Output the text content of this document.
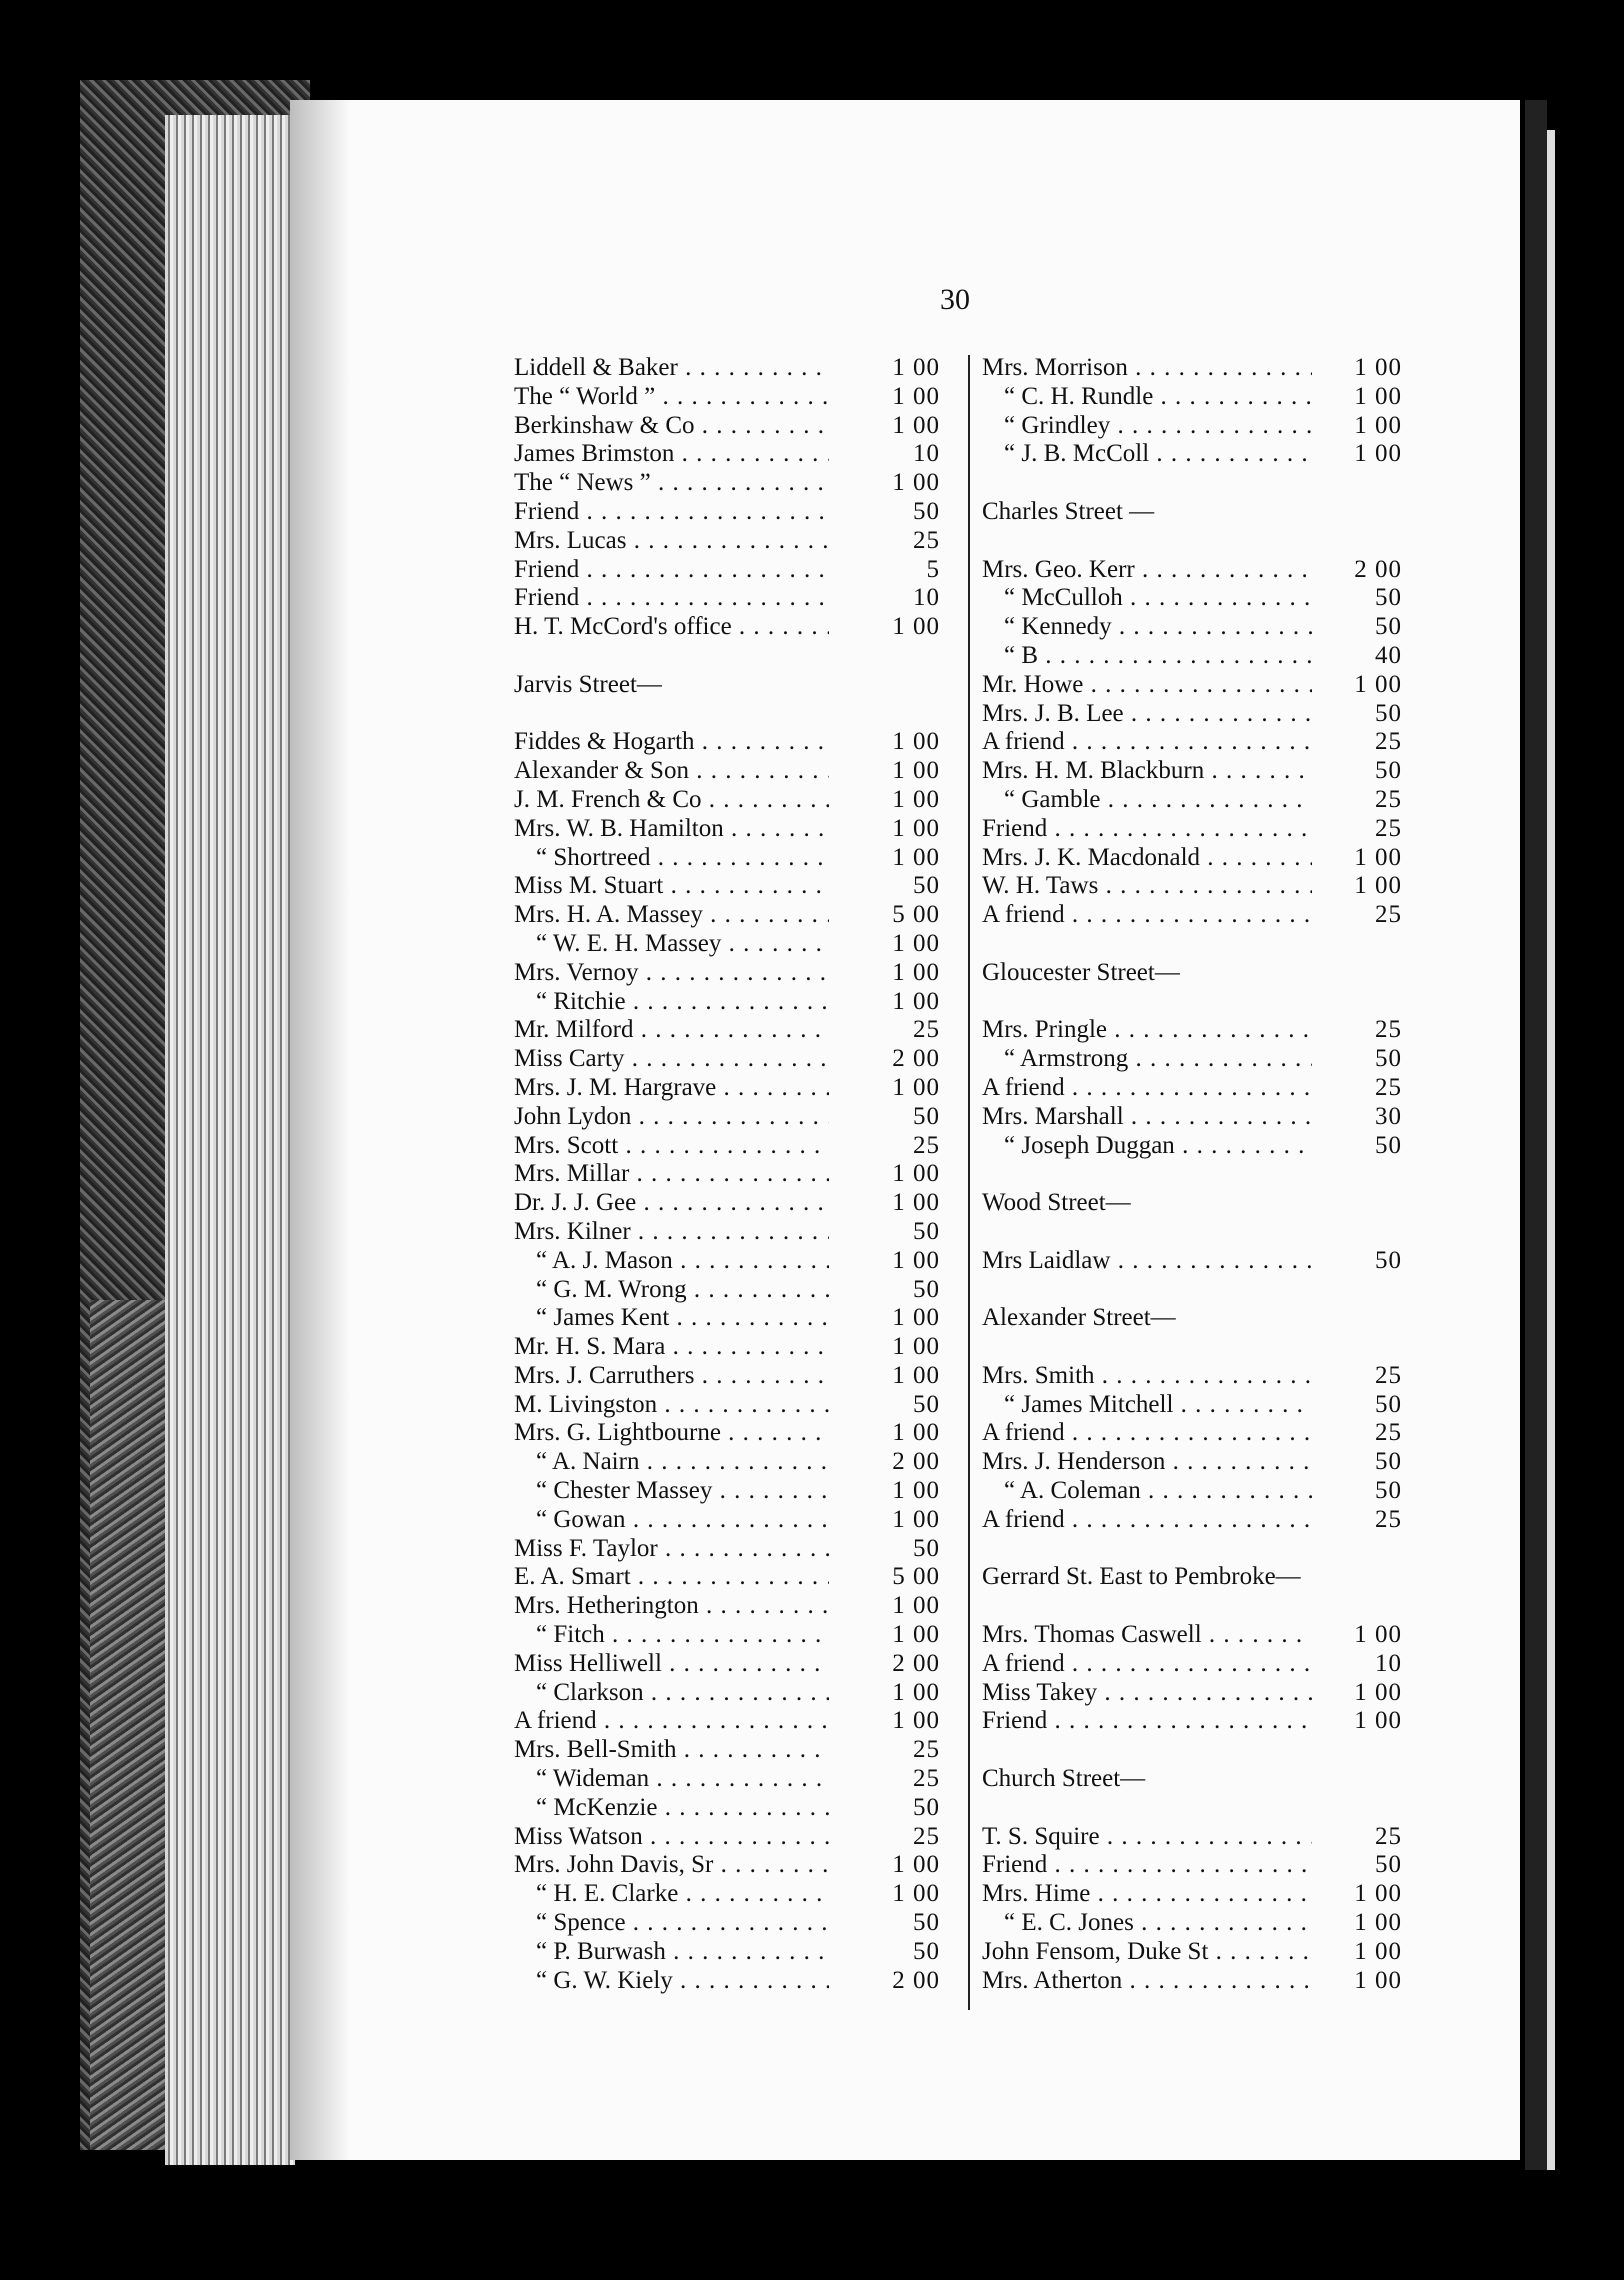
30
Liddell & Baker . . .	1 00
The “ World ” . . .	1 00
Berkinshaw & Co . . .	1 00
James Brimston . . .	10
The “ News ” . . .	1 00
Friend . . .	50
Mrs. Lucas . . .	25
Friend . . .	5
Friend . . .	10
H. T. McCord's office . . .	1 00
Jarvis Street—
Fiddes & Hogarth . . .	1 00
Alexander & Son . . .	1 00
J. M. French & Co . . .	1 00
Mrs. W. B. Hamilton . . .	1 00
“ Shortreed . . .	1 00
Miss M. Stuart . . .	50
Mrs. H. A. Massey . . .	5 00
“ W. E. H. Massey . . .	1 00
Mrs. Vernoy . . .	1 00
“ Ritchie . . .	1 00
Mr. Milford . . .	25
Miss Carty . . .	2 00
Mrs. J. M. Hargrave . . .	1 00
John Lydon . . .	50
Mrs. Scott . . .	25
Mrs. Millar . . .	1 00
Dr. J. J. Gee . . .	1 00
Mrs. Kilner . . .	50
“ A. J. Mason . . .	1 00
“ G. M. Wrong . . .	50
“ James Kent . . .	1 00
Mr. H. S. Mara . . .	1 00
Mrs. J. Carruthers . . .	1 00
M. Livingston . . .	50
Mrs. G. Lightbourne . . .	1 00
“ A. Nairn . . .	2 00
“ Chester Massey . . .	1 00
“ Gowan . . .	1 00
Miss F. Taylor . . .	50
E. A. Smart . . .	5 00
Mrs. Hetherington . . .	1 00
“ Fitch . . .	1 00
Miss Helliwell . . .	2 00
“ Clarkson . . .	1 00
A friend . . .	1 00
Mrs. Bell-Smith . . .	25
“ Wideman . . .	25
“ McKenzie . . .	50
Miss Watson . . .	25
Mrs. John Davis, Sr . . .	1 00
“ H. E. Clarke . . .	1 00
“ Spence . . .	50
“ P. Burwash . . .	50
“ G. W. Kiely . . .	2 00
Mrs. Morrison . . .	1 00
“ C. H. Rundle . . .	1 00
“ Grindley . . .	1 00
“ J. B. McColl . . .	1 00
Charles Street —
Mrs. Geo. Kerr . . .	2 00
“ McCulloh . . .	50
“ Kennedy . . .	50
“ B . . .	40
Mr. Howe . . .	1 00
Mrs. J. B. Lee . . .	50
A friend . . .	25
Mrs. H. M. Blackburn . . .	50
“ Gamble . . .	25
Friend . . .	25
Mrs. J. K. Macdonald . . .	1 00
W. H. Taws . . .	1 00
A friend . . .	25
Gloucester Street—
Mrs. Pringle . . .	25
“ Armstrong . . .	50
A friend . . .	25
Mrs. Marshall . . .	30
“ Joseph Duggan . . .	50
Wood Street—
Mrs Laidlaw . . .	50
Alexander Street—
Mrs. Smith . . .	25
“ James Mitchell . . .	50
A friend . . .	25
Mrs. J. Henderson . . .	50
“ A. Coleman . . .	50
A friend . . .	25
Gerrard St. East to Pembroke—
Mrs. Thomas Caswell . . .	1 00
A friend . . .	10
Miss Takey . . .	1 00
Friend . . .	1 00
Church Street—
T. S. Squire . . .	25
Friend . . .	50
Mrs. Hime . . .	1 00
“ E. C. Jones . . .	1 00
John Fensom, Duke St . . .	1 00
Mrs. Atherton . . .	1 00
